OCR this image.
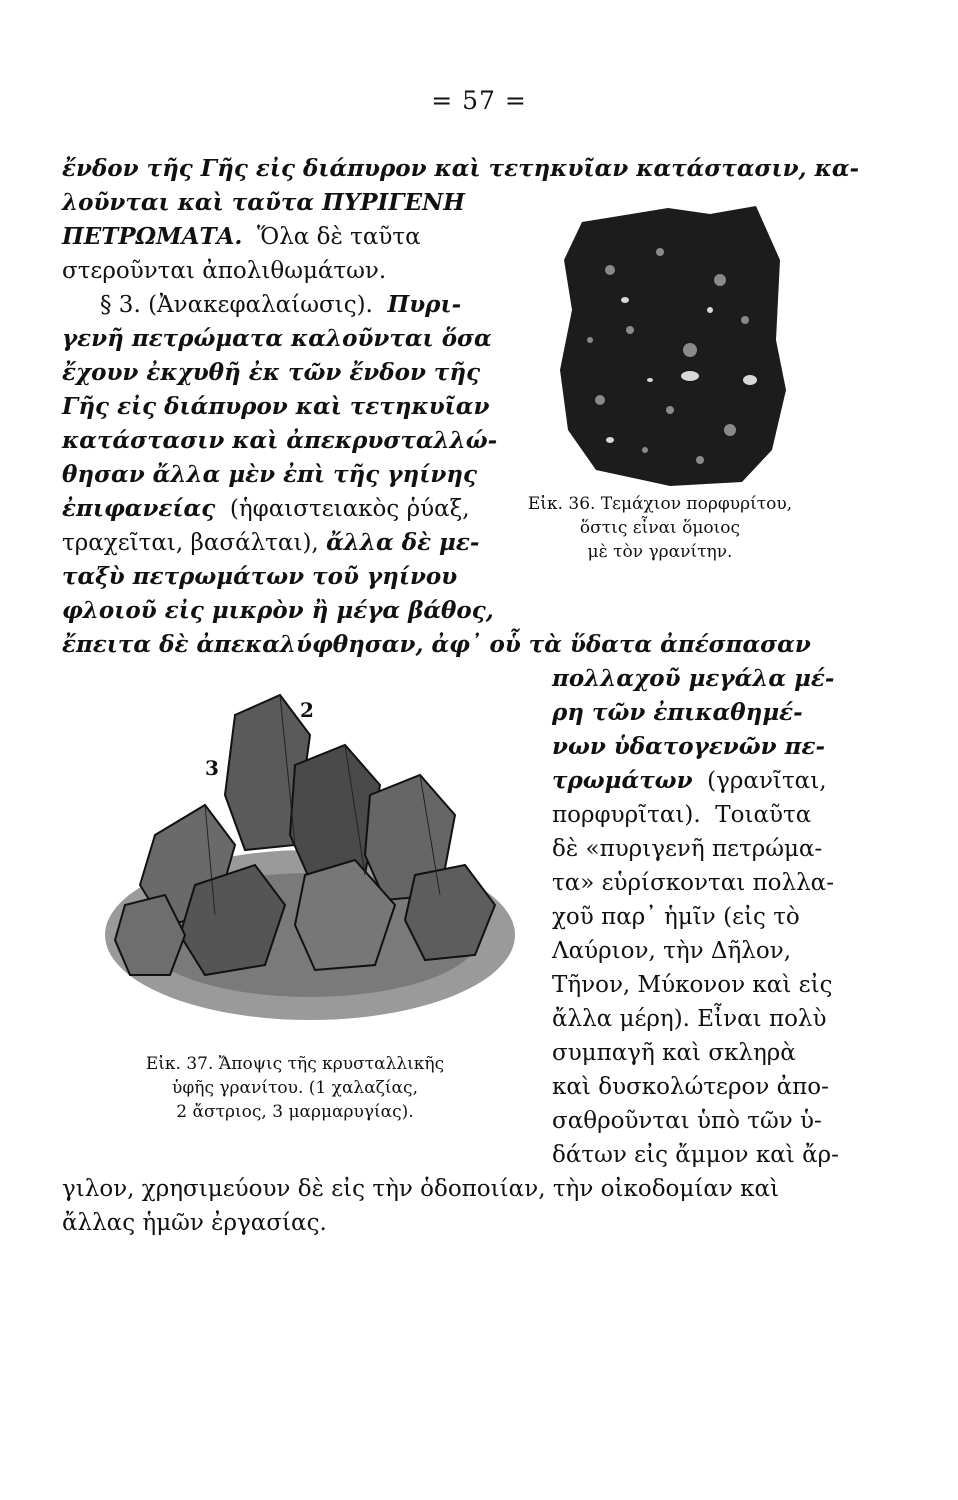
= 57 =
ἔνδον τῆς Γῆς εἰς διάπυρον καὶ τετηκυῖαν κατάστασιν, κα-
λοῦνται καὶ ταῦτα ΠΥΡΙΓΕΝΗ
ΠΕΤΡΩΜΑΤΑ. Ὅλα δὲ ταῦτα
στεροῦνται ἀπολιθωμάτων.
§ 3. (Ἀνακεφαλαίωσις). Πυρι-
γενῆ πετρώματα καλοῦνται ὅσα
ἔχουν ἐκχυθῆ ἐκ τῶν ἔνδον τῆς
Γῆς εἰς διάπυρον καὶ τετηκυῖαν
κατάστασιν καὶ ἀπεκρυσταλλώ-
θησαν ἄλλα μὲν ἐπὶ τῆς γηίνης
ἐπιφανείας (ἡφαιστειακὸς ῥύαξ,
τραχεῖται, βασάλται), ἄλλα δὲ με-
ταξὺ πετρωμάτων τοῦ γηίνου
φλοιοῦ εἰς μικρὸν ἢ μέγα βάθος,
ἔπειτα δὲ ἀπεκαλύφθησαν, ἀφ᾽ οὗ τὰ ὕδατα ἀπέσπασαν
πολλαχοῦ μεγάλα μέ-
ρη τῶν ἐπικαθημέ-
νων ὑδατογενῶν πε-
τρωμάτων (γρανῖται,
πορφυρῖται). Τοιαῦτα
δὲ «πυριγενῆ πετρώμα-
τα» εὑρίσκονται πολλα-
χοῦ παρ᾽ ἡμῖν (εἰς τὸ
Λαύριον, τὴν Δῆλον,
Τῆνον, Μύκονον καὶ εἰς
ἄλλα μέρη). Εἶναι πολὺ
συμπαγῆ καὶ σκληρὰ
καὶ δυσκολώτερον ἀπο-
σαθροῦνται ὑπὸ τῶν ὑ-
δάτων εἰς ἄμμον καὶ ἄρ-
γιλον, χρησιμεύουν δὲ εἰς τὴν ὁδοποιίαν, τὴν οἰκοδομίαν καὶ
ἄλλας ἡμῶν ἐργασίας.
Εἰκ. 36. Τεμάχιον πορφυρίτου,
ὅστις εἶναι ὅμοιος
μὲ τὸν γρανίτην.
2
3
Εἰκ. 37. Ἄποψις τῆς κρυσταλλικῆς
ὑφῆς γρανίτου. (1 χαλαζίας,
2 ἄστριος, 3 μαρμαρυγίας).
